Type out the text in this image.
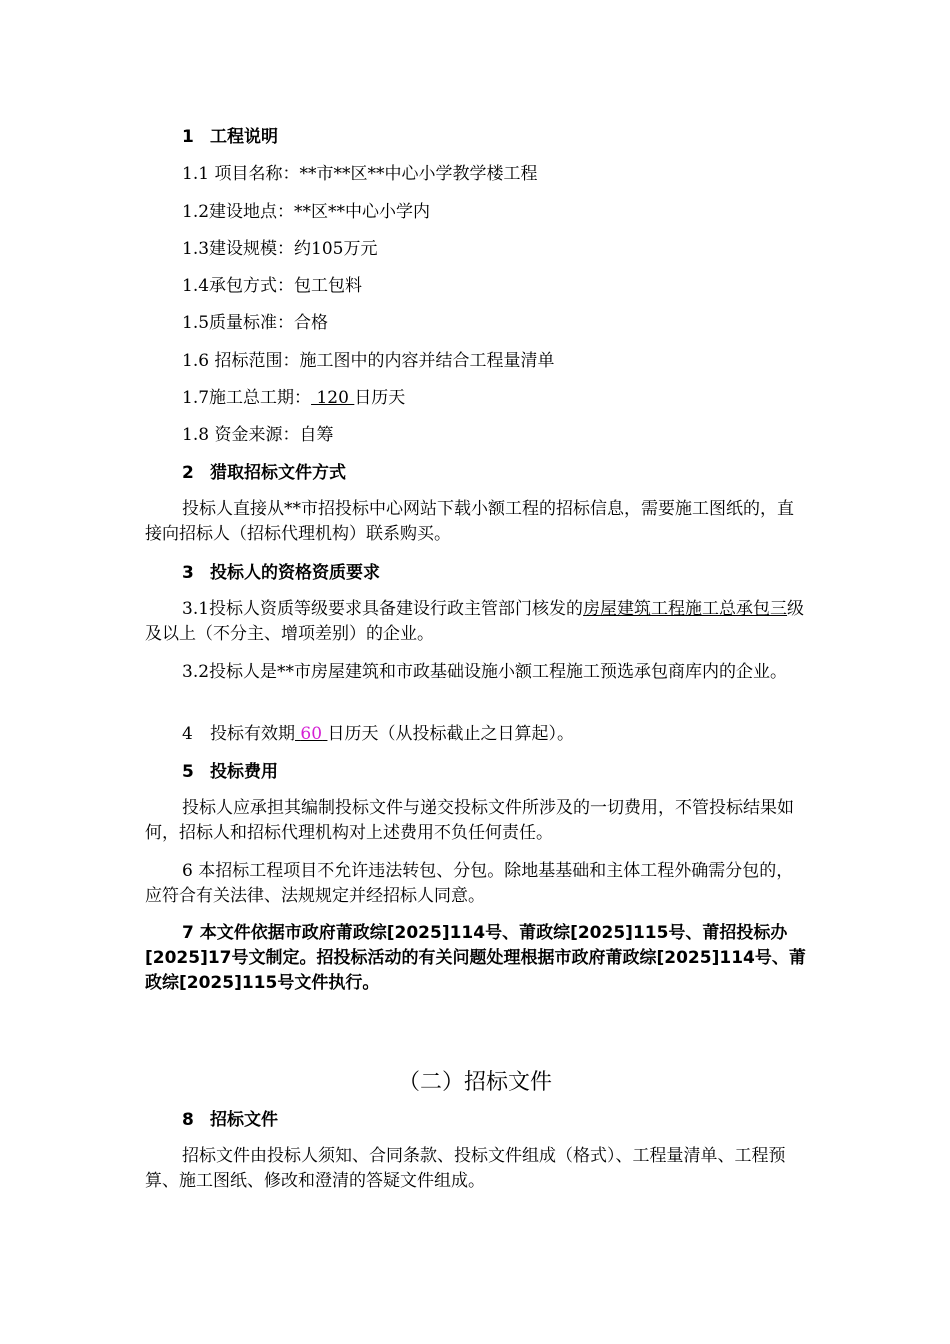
1 工程说明
1.1 项目名称：**市**区**中心小学教学楼工程
1.2建设地点：**区**中心小学内
1.3建设规模：约105万元
1.4承包方式：包工包料
1.5质量标准：合格
1.6 招标范围：施工图中的内容并结合工程量清单
1.7施工总工期： 120 日历天
1.8 资金来源：自筹
2 猎取招标文件方式
投标人直接从**市招投标中心网站下载小额工程的招标信息，需要施工图纸的，直接向招标人（招标代理机构）联系购买。
3 投标人的资格资质要求
3.1投标人资质等级要求具备建设行政主管部门核发的房屋建筑工程施工总承包三级及以上（不分主、增项差别）的企业。
3.2投标人是**市房屋建筑和市政基础设施小额工程施工预选承包商库内的企业。
4 投标有效期 60 日历天（从投标截止之日算起）。
5 投标费用
投标人应承担其编制投标文件与递交投标文件所涉及的一切费用，不管投标结果如何，招标人和招标代理机构对上述费用不负任何责任。
6 本招标工程项目不允许违法转包、分包。除地基基础和主体工程外确需分包的，应符合有关法律、法规规定并经招标人同意。
7 本文件依据市政府莆政综[2025]114号、莆政综[2025]115号、莆招投标办[2025]17号文制定。招投标活动的有关问题处理根据市政府莆政综[2025]114号、莆政综[2025]115号文件执行。
（二）招标文件
8 招标文件
招标文件由投标人须知、合同条款、投标文件组成（格式）、工程量清单、工程预算、施工图纸、修改和澄清的答疑文件组成。
